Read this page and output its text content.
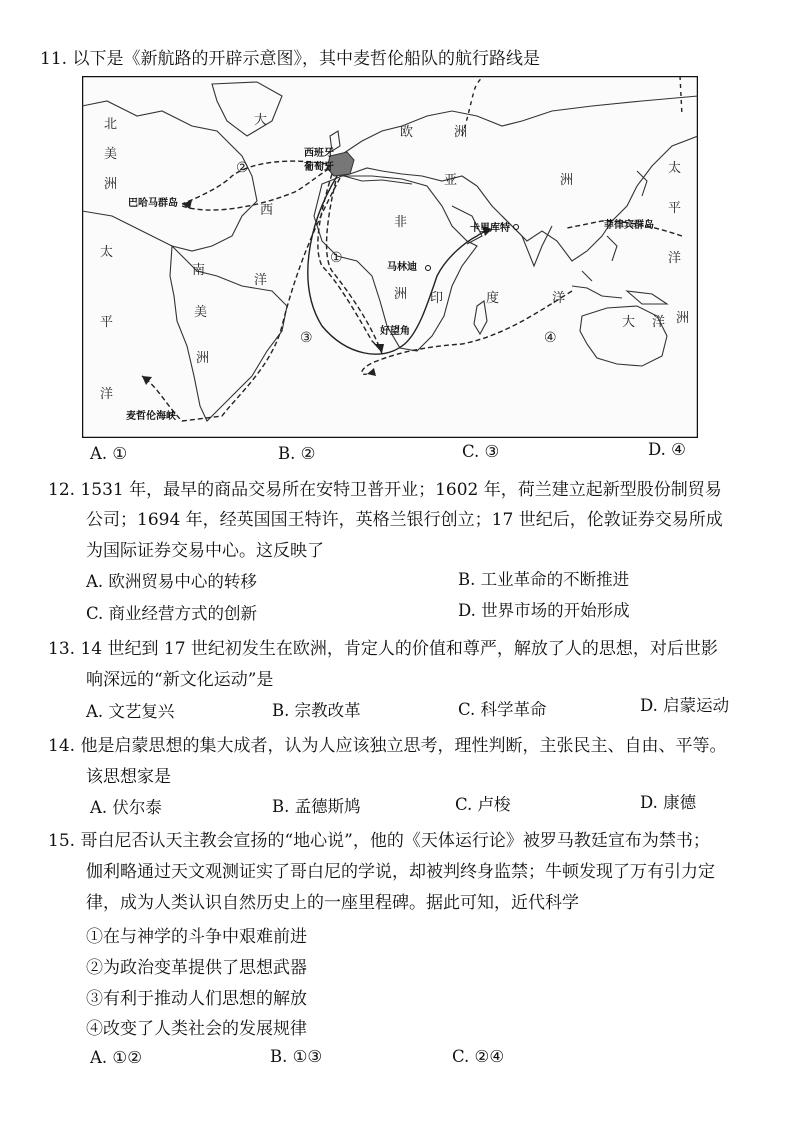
11. 以下是《新航路的开辟示意图》，其中麦哲伦船队的航行路线是
北
美
洲
大
西
洋
欧	洲
亚	洲
非
洲
太
平
洋
南
美
洲
印	度	洋
大 洋 洲
太
平
洋
西班牙
葡萄牙
巴哈马群岛
卡里库特	菲律宾群岛
马林迪
好望角
麦哲伦海峡
①
②
③	④
A. ①	B. ②	C. ③	D. ④
12. 1531 年，最早的商品交易所在安特卫普开业；1602 年，荷兰建立起新型股份制贸易
公司；1694 年，经英国国王特许，英格兰银行创立；17 世纪后，伦敦证券交易所成
为国际证券交易中心。这反映了
A. 欧洲贸易中心的转移	B. 工业革命的不断推进
C. 商业经营方式的创新	D. 世界市场的开始形成
13. 14 世纪到 17 世纪初发生在欧洲，肯定人的价值和尊严，解放了人的思想，对后世影
响深远的“新文化运动”是
A. 文艺复兴	B. 宗教改革	C. 科学革命	D. 启蒙运动
14. 他是启蒙思想的集大成者，认为人应该独立思考，理性判断，主张民主、自由、平等。
该思想家是
A. 伏尔泰	B. 孟德斯鸠	C. 卢梭	D. 康德
15. 哥白尼否认天主教会宣扬的“地心说”，他的《天体运行论》被罗马教廷宣布为禁书；
伽利略通过天文观测证实了哥白尼的学说，却被判终身监禁；牛顿发现了万有引力定
律，成为人类认识自然历史上的一座里程碑。据此可知，近代科学
①在与神学的斗争中艰难前进
②为政治变革提供了思想武器
③有利于推动人们思想的解放
④改变了人类社会的发展规律
A. ①②	B. ①③	C. ②④
